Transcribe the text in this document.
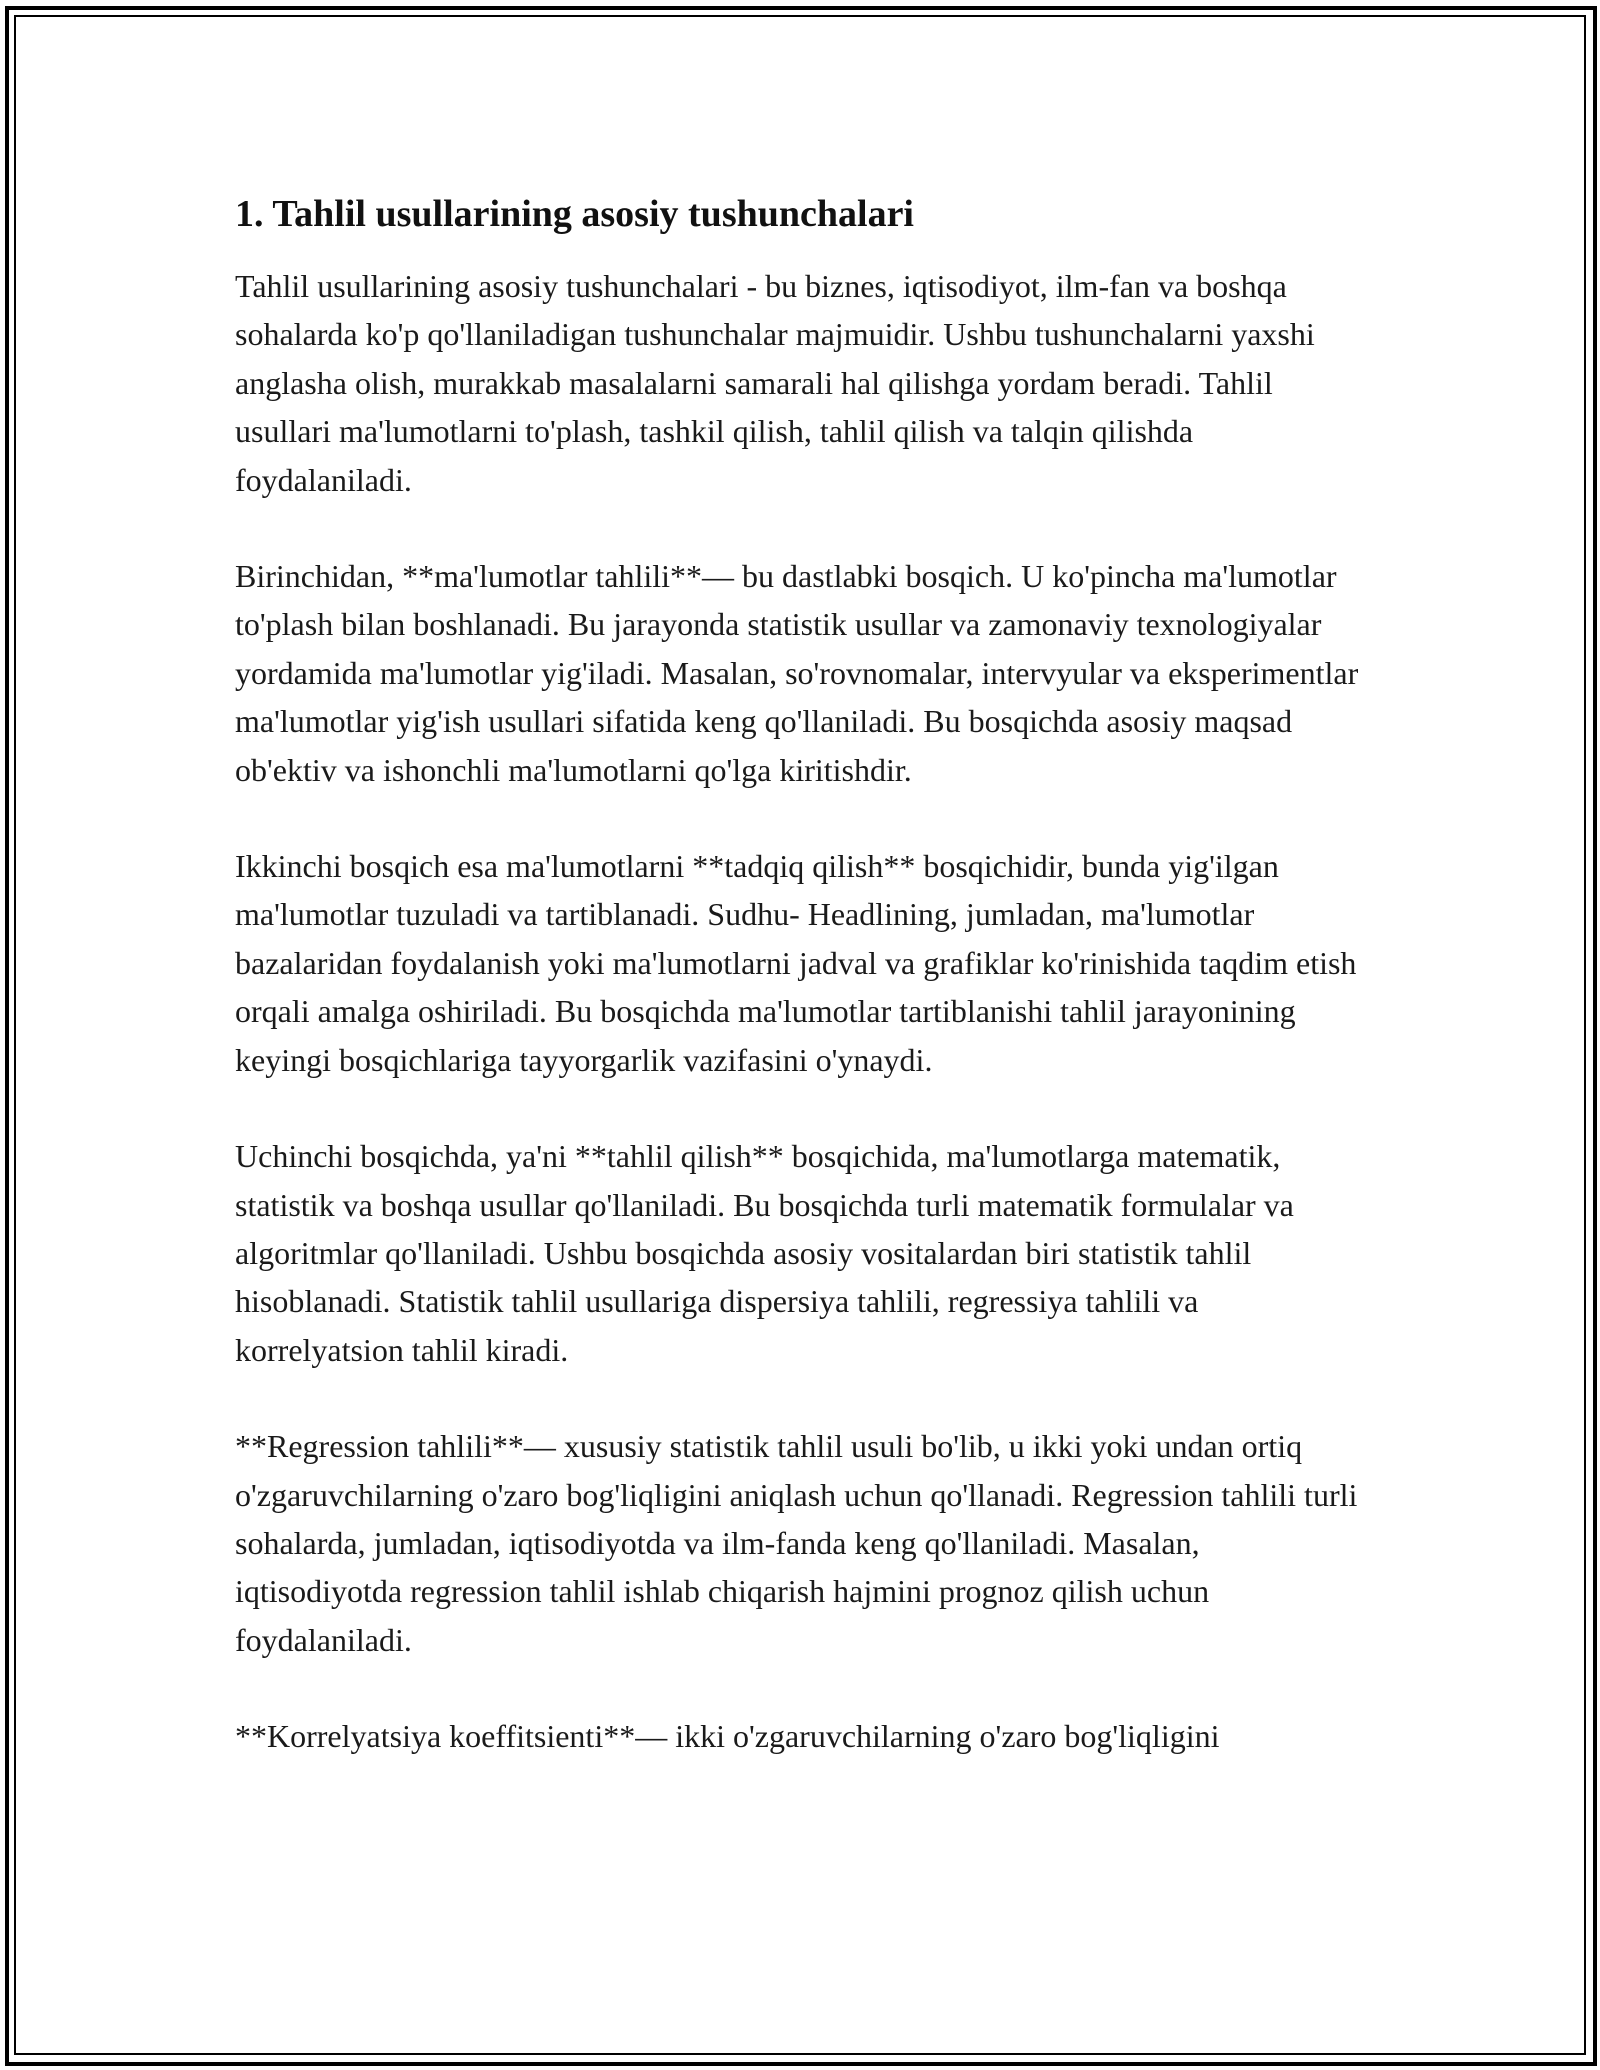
1. Tahlil usullarining asosiy tushunchalari

Tahlil usullarining asosiy tushunchalari - bu biznes, iqtisodiyot, ilm-fan va boshqa sohalarda ko'p qo'llaniladigan tushunchalar majmuidir. Ushbu tushunchalarni yaxshi anglasha olish, murakkab masalalarni samarali hal qilishga yordam beradi. Tahlil usullari ma'lumotlarni to'plash, tashkil qilish, tahlil qilish va talqin qilishda foydalaniladi.

Birinchidan, **ma'lumotlar tahlili**— bu dastlabki bosqich. U ko'pincha ma'lumotlar to'plash bilan boshlanadi. Bu jarayonda statistik usullar va zamonaviy texnologiyalar yordamida ma'lumotlar yig'iladi. Masalan, so'rovnomalar, intervyular va eksperimentlar ma'lumotlar yig'ish usullari sifatida keng qo'llaniladi. Bu bosqichda asosiy maqsad ob'ektiv va ishonchli ma'lumotlarni qo'lga kiritishdir.

Ikkinchi bosqich esa ma'lumotlarni **tadqiq qilish** bosqichidir, bunda yig'ilgan ma'lumotlar tuzuladi va tartiblanadi. Sudhu- Headlining, jumladan, ma'lumotlar bazalaridan foydalanish yoki ma'lumotlarni jadval va grafiklar ko'rinishida taqdim etish orqali amalga oshiriladi. Bu bosqichda ma'lumotlar tartiblanishi tahlil jarayonining keyingi bosqichlariga tayyorgarlik vazifasini o'ynaydi.

Uchinchi bosqichda, ya'ni **tahlil qilish** bosqichida, ma'lumotlarga matematik, statistik va boshqa usullar qo'llaniladi. Bu bosqichda turli matematik formulalar va algoritmlar qo'llaniladi. Ushbu bosqichda asosiy vositalardan biri statistik tahlil hisoblanadi. Statistik tahlil usullariga dispersiya tahlili, regressiya tahlili va korrelyatsion tahlil kiradi.

**Regression tahlili**— xususiy statistik tahlil usuli bo'lib, u ikki yoki undan ortiq o'zgaruvchilarning o'zaro bog'liqligini aniqlash uchun qo'llanadi. Regression tahlili turli sohalarda, jumladan, iqtisodiyotda va ilm-fanda keng qo'llaniladi. Masalan, iqtisodiyotda regression tahlil ishlab chiqarish hajmini prognoz qilish uchun foydalaniladi.

**Korrelyatsiya koeffitsienti**— ikki o'zgaruvchilarning o'zaro bog'liqligini
